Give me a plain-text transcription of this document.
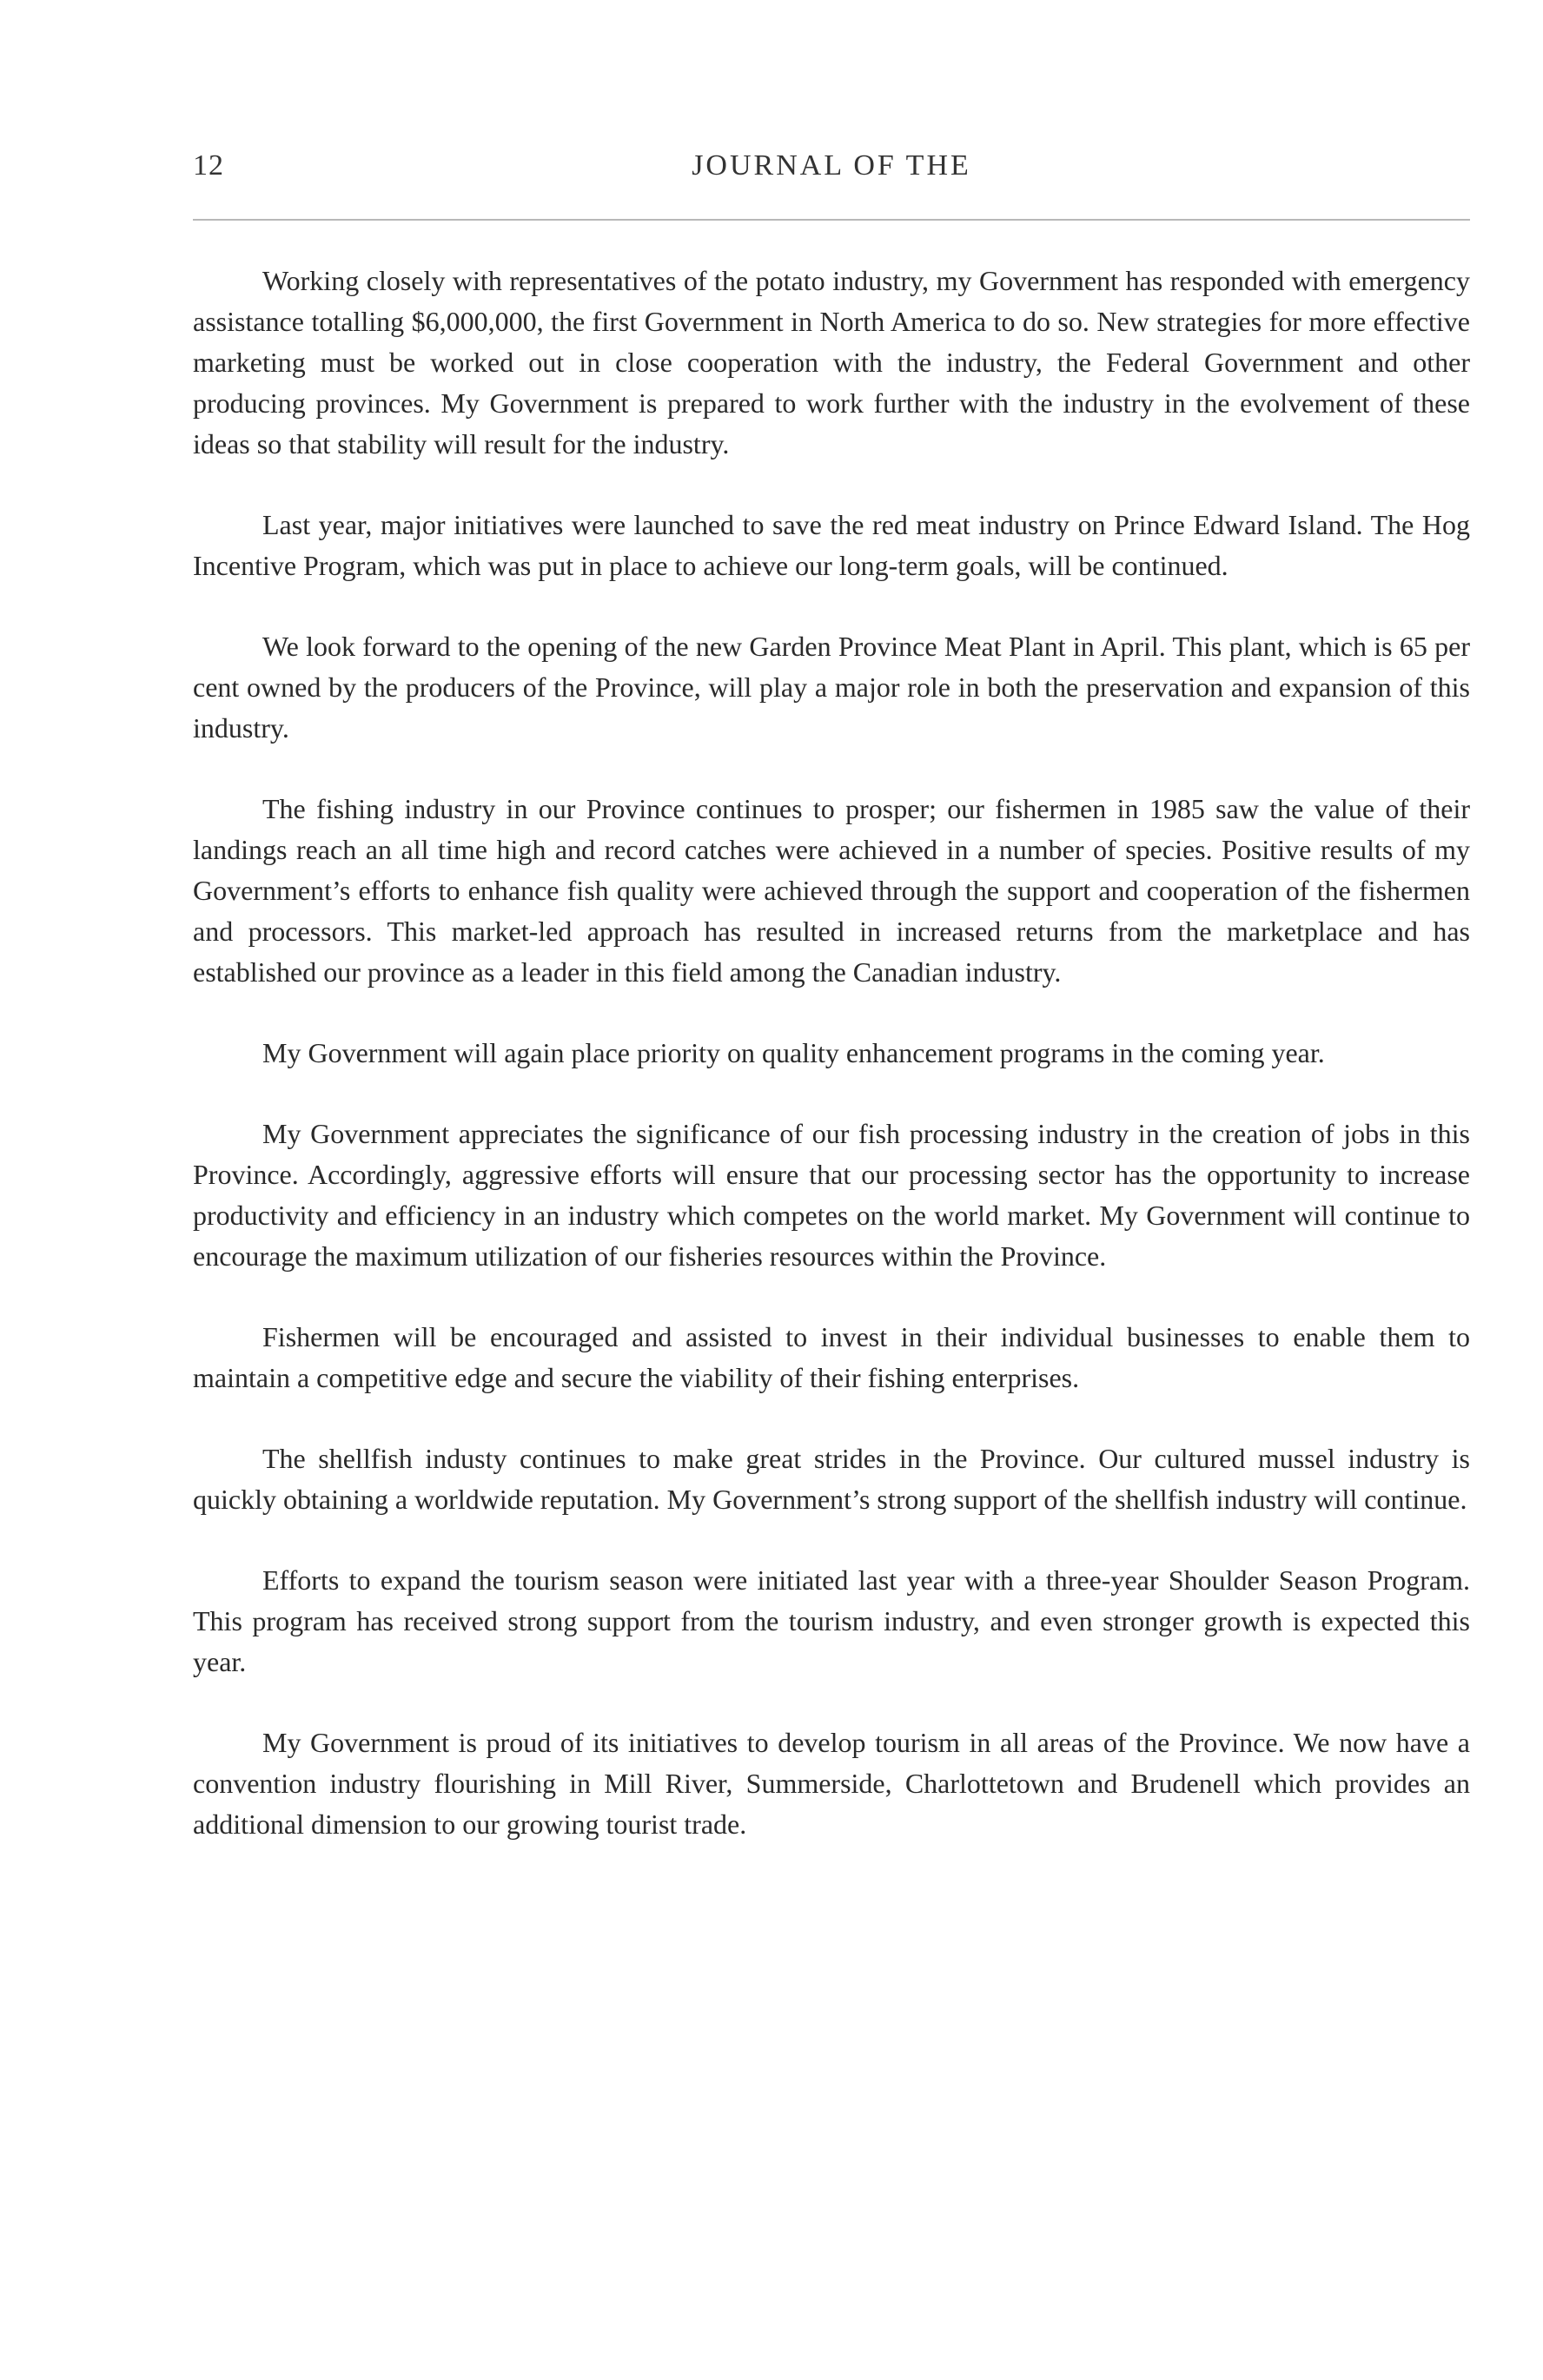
12	JOURNAL OF THE

Working closely with representatives of the potato industry, my Government has responded with emergency assistance totalling $6,000,000, the first Government in North America to do so. New strategies for more effective marketing must be worked out in close cooperation with the industry, the Federal Government and other producing provinces. My Government is prepared to work further with the industry in the evolvement of these ideas so that stability will result for the industry.

Last year, major initiatives were launched to save the red meat industry on Prince Edward Island. The Hog Incentive Program, which was put in place to achieve our long-term goals, will be continued.

We look forward to the opening of the new Garden Province Meat Plant in April. This plant, which is 65 per cent owned by the producers of the Province, will play a major role in both the preservation and expansion of this industry.

The fishing industry in our Province continues to prosper; our fishermen in 1985 saw the value of their landings reach an all time high and record catches were achieved in a number of species. Positive results of my Government’s efforts to enhance fish quality were achieved through the support and cooperation of the fishermen and processors. This market-led approach has resulted in increased returns from the marketplace and has established our province as a leader in this field among the Canadian industry.

My Government will again place priority on quality enhancement programs in the coming year.

My Government appreciates the significance of our fish processing industry in the creation of jobs in this Province. Accordingly, aggressive efforts will ensure that our processing sector has the opportunity to increase productivity and efficiency in an industry which competes on the world market. My Government will continue to encourage the maximum utilization of our fisheries resources within the Province.

Fishermen will be encouraged and assisted to invest in their individual businesses to enable them to maintain a competitive edge and secure the viability of their fishing enterprises.

The shellfish industy continues to make great strides in the Province. Our cultured mussel industry is quickly obtaining a worldwide reputation. My Government’s strong support of the shellfish industry will continue.

Efforts to expand the tourism season were initiated last year with a three-year Shoulder Season Program. This program has received strong support from the tourism industry, and even stronger growth is expected this year.

My Government is proud of its initiatives to develop tourism in all areas of the Province. We now have a convention industry flourishing in Mill River, Summerside, Charlottetown and Brudenell which provides an additional dimension to our growing tourist trade.
